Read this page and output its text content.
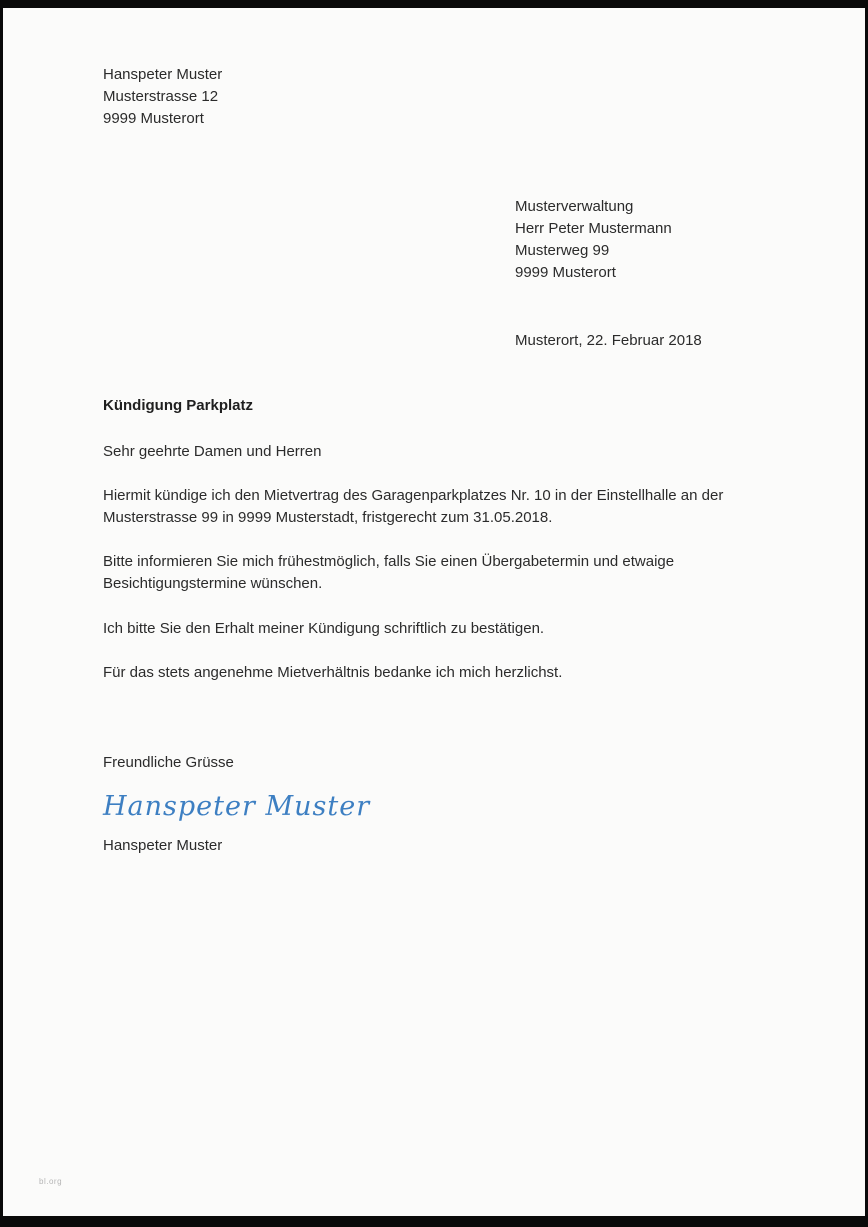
Hanspeter Muster
Musterstrasse 12
9999 Musterort
Musterverwaltung
Herr Peter Mustermann
Musterweg 99
9999 Musterort
Musterort, 22. Februar 2018
Kündigung Parkplatz
Sehr geehrte Damen und Herren
Hiermit kündige ich den Mietvertrag des Garagenparkplatzes Nr. 10 in der Einstellhalle an der Musterstrasse 99 in 9999 Musterstadt, fristgerecht zum 31.05.2018.
Bitte informieren Sie mich frühestmöglich, falls Sie einen Übergabetermin und etwaige Besichtigungstermine wünschen.
Ich bitte Sie den Erhalt meiner Kündigung schriftlich zu bestätigen.
Für das stets angenehme Mietverhältnis bedanke ich mich herzlichst.
Freundliche Grüsse
Hanspeter Muster
Hanspeter Muster
bl.org
